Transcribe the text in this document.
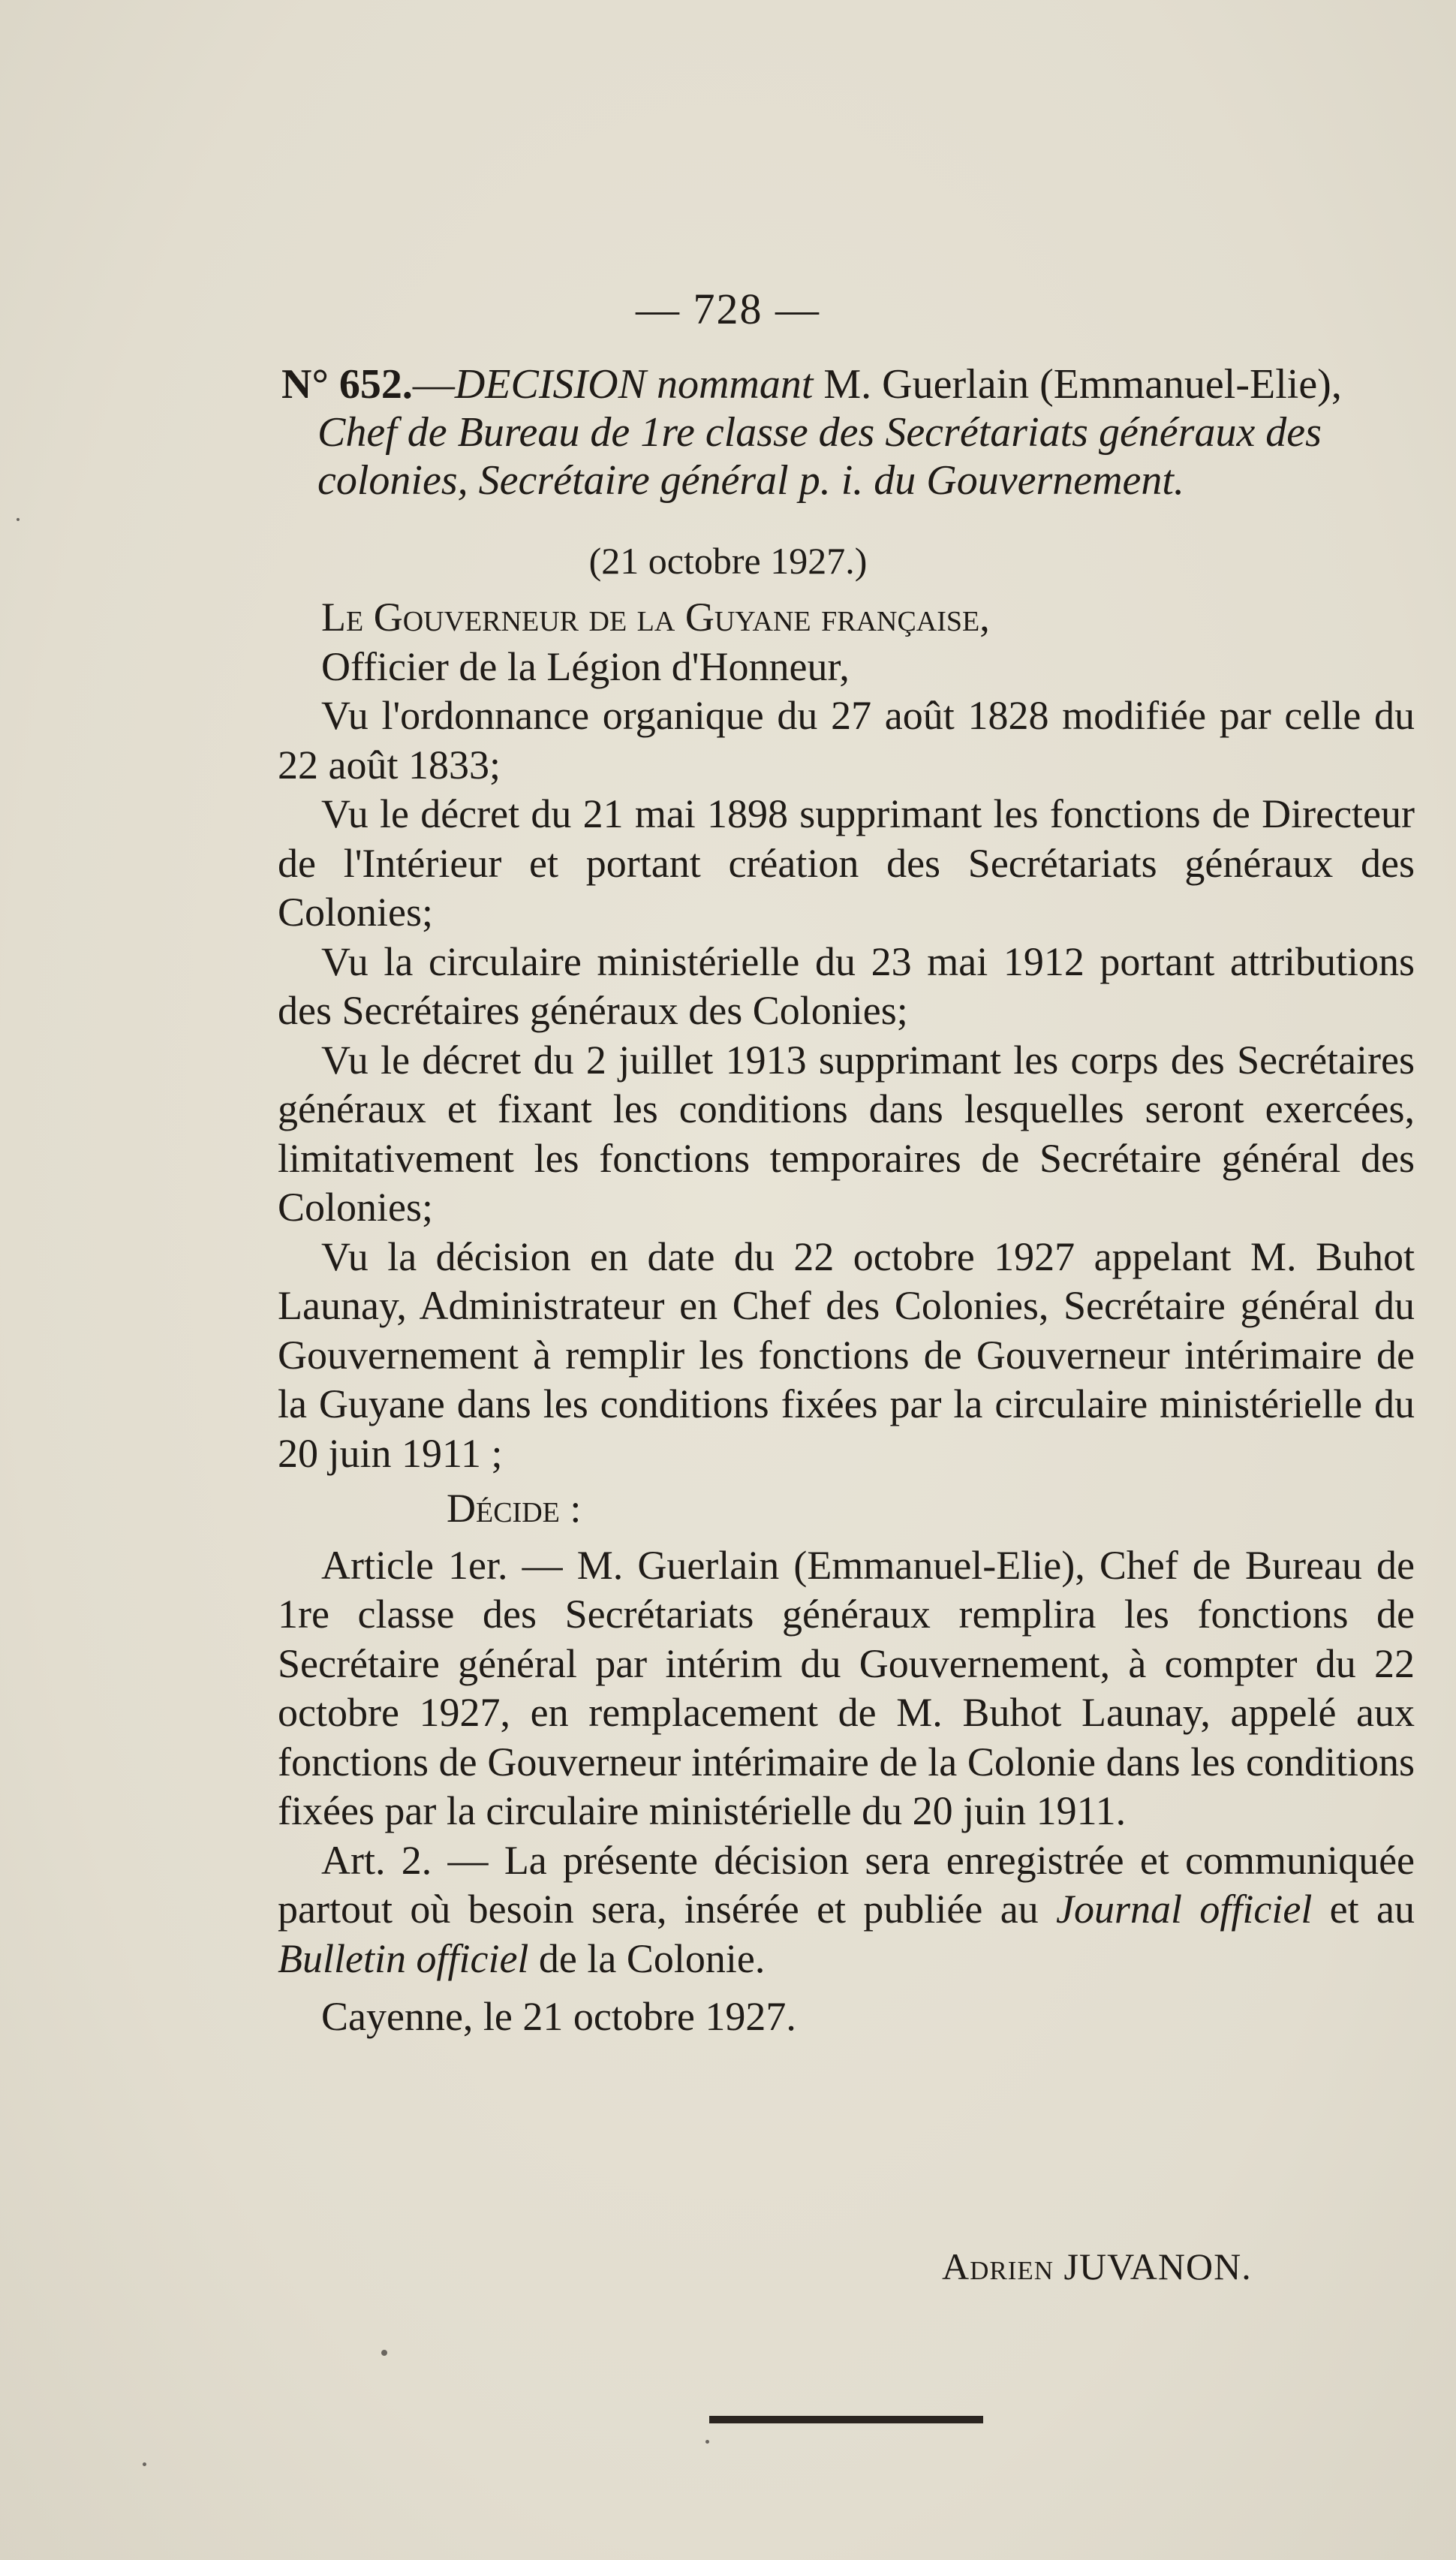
— 728 —
N° 652.—DECISION nommant M. Guerlain (Emmanuel-Elie),
Chef de Bureau de 1re classe des Secrétariats généraux des colonies, Secrétaire général p. i. du Gouvernement.
(21 octobre 1927.)

Le Gouverneur de la Guyane française,

Officier de la Légion d'Honneur,

Vu l'ordonnance organique du 27 août 1828 modifiée par celle du 22 août 1833;

Vu le décret du 21 mai 1898 supprimant les fonctions de Directeur de l'Intérieur et portant création des Secrétariats généraux des Colonies;

Vu la circulaire ministérielle du 23 mai 1912 portant attributions des Secrétaires généraux des Colonies;

Vu le décret du 2 juillet 1913 supprimant les corps des Secrétaires généraux et fixant les conditions dans lesquelles seront exercées, limitativement les fonctions temporaires de Secrétaire général des Colonies;

Vu la décision en date du 22 octobre 1927 appelant M. Buhot Launay, Administrateur en Chef des Colonies, Secrétaire général du Gouvernement à remplir les fonctions de Gouverneur intérimaire de la Guyane dans les conditions fixées par la circulaire ministérielle du 20 juin 1911 ;

Décide :

Article 1er. — M. Guerlain (Emmanuel-Elie), Chef de Bureau de 1re classe des Secrétariats généraux remplira les fonctions de Secrétaire général par intérim du Gouvernement, à compter du 22 octobre 1927, en remplacement de M. Buhot Launay, appelé aux fonctions de Gouverneur intérimaire de la Colonie dans les conditions fixées par la circulaire ministérielle du 20 juin 1911.

Art. 2. — La présente décision sera enregistrée et communiquée partout où besoin sera, insérée et publiée au Journal officiel et au Bulletin officiel de la Colonie.

Cayenne, le 21 octobre 1927.

Adrien JUVANON.
